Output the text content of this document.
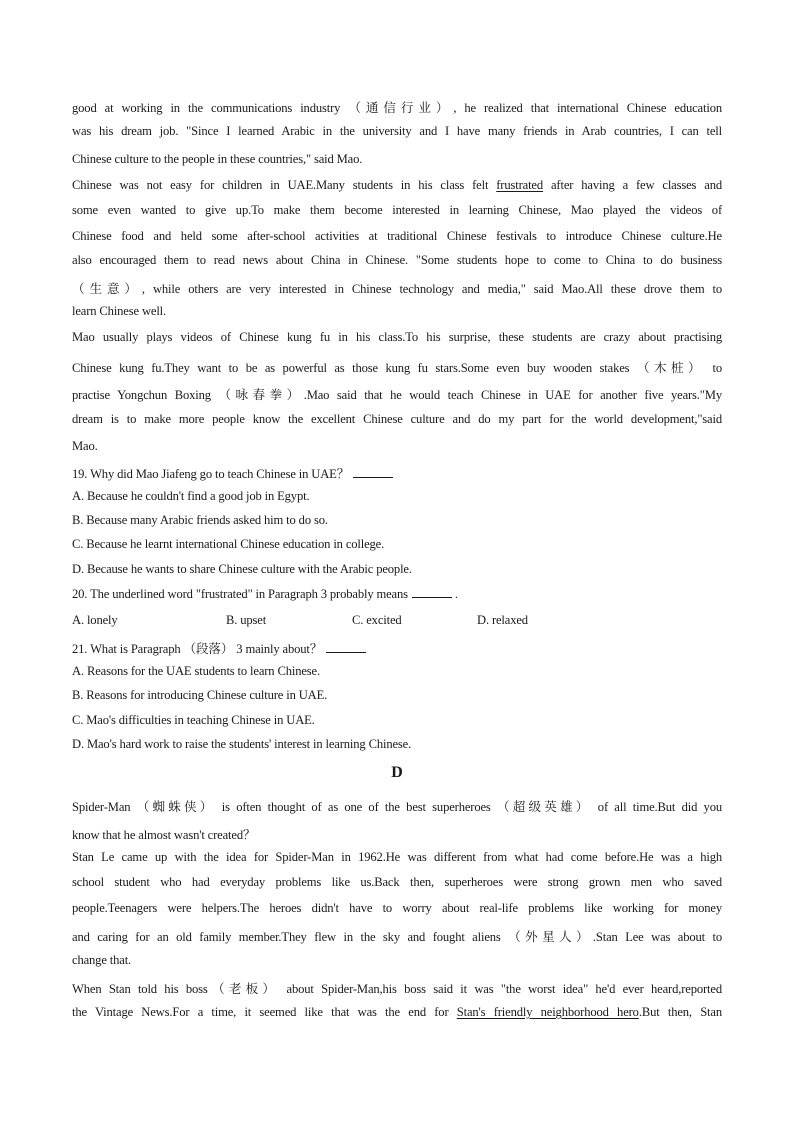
good at working in the communications industry （通信行业）, he realized that international Chinese education
was his dream job. "Since I learned Arabic in the university and I have many friends in Arab countries, I can tell
Chinese culture to the people in these countries," said Mao.
Chinese was not easy for children in UAE.Many students in his class felt frustrated after having a few classes and
some even wanted to give up.To make them become interested in learning Chinese, Mao played the videos of
Chinese food and held some after-school activities at traditional Chinese festivals to introduce Chinese culture.He
also encouraged them to read news about China in Chinese. "Some students hope to come to China to do business
（生意）, while others are very interested in Chinese technology and media," said Mao.All these drove them to
learn Chinese well.
Mao usually plays videos of Chinese kung fu in his class.To his surprise, these students are crazy about practising
Chinese kung fu.They want to be as powerful as those kung fu stars.Some even buy wooden stakes （木桩） to
practise Yongchun Boxing （咏春拳）.Mao said that he would teach Chinese in UAE for another five years."My
dream is to make more people know the excellent Chinese culture and do my part for the world development,"said
Mao.
19. Why did Mao Jiafeng go to teach Chinese in UAE？
A. Because he couldn't find a good job in Egypt.
B. Because many Arabic friends asked him to do so.
C. Because he learnt international Chinese education in college.
D. Because he wants to share Chinese culture with the Arabic people.
20. The underlined word "frustrated" in Paragraph 3 probably means	.
A. lonely	B. upset	C. excited	D. relaxed
21. What is Paragraph （段落） 3 mainly about？
A. Reasons for the UAE students to learn Chinese.
B. Reasons for introducing Chinese culture in UAE.
C. Mao's difficulties in teaching Chinese in UAE.
D. Mao's hard work to raise the students' interest in learning Chinese.
D
Spider-Man （蜘蛛侠） is often thought of as one of the best superheroes （超级英雄） of all time.But did you
know that he almost wasn't created？
Stan Le came up with the idea for Spider-Man in 1962.He was different from what had come before.He was a high
school student who had everyday problems like us.Back then, superheroes were strong grown men who saved
people.Teenagers were helpers.The heroes didn't have to worry about real-life problems like working for money
and caring for an old family member.They flew in the sky and fought aliens （外星人）.Stan Lee was about to
change that.
When Stan told his boss（老板） about Spider-Man,his boss said it was "the worst idea" he'd ever heard,reported
the Vintage News.For a time, it seemed like that was the end for Stan's friendly neighborhood hero.But then, Stan
